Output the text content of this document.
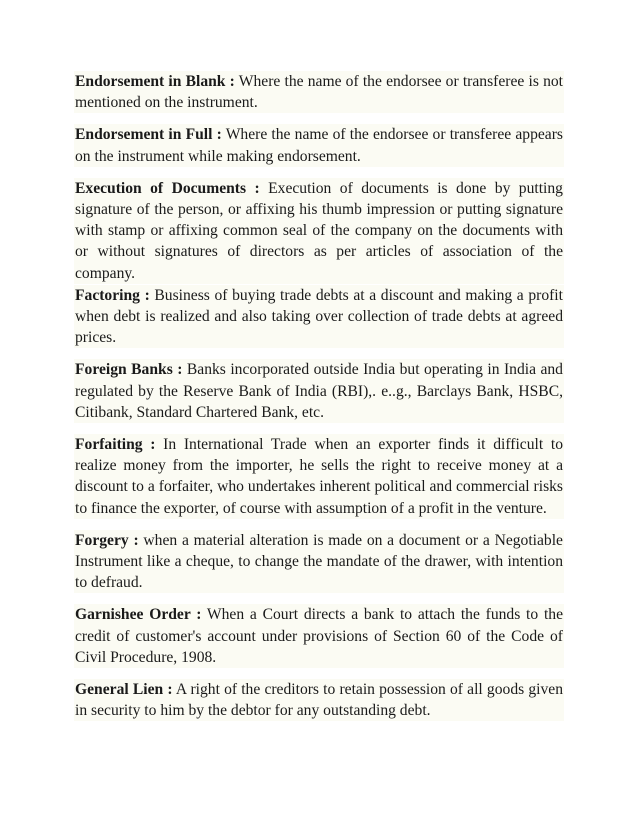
Endorsement in Blank : Where the name of the endorsee or transferee is not mentioned on the instrument.

Endorsement in Full : Where the name of the endorsee or transferee appears on the instrument while making endorsement.

Execution of Documents : Execution of documents is done by putting signature of the person, or affixing his thumb impression or putting signature with stamp or affixing common seal of the company on the documents with or without signatures of directors as per articles of association of the company.

Factoring : Business of buying trade debts at a discount and making a profit when debt is realized and also taking over collection of trade debts at agreed prices.

Foreign Banks : Banks incorporated outside India but operating in India and regulated by the Reserve Bank of India (RBI),. e..g., Barclays Bank, HSBC, Citibank, Standard Chartered Bank, etc.

Forfaiting : In International Trade when an exporter finds it difficult to realize money from the importer, he sells the right to receive money at a discount to a forfaiter, who undertakes inherent political and commercial risks to finance the exporter, of course with assumption of a profit in the venture.

Forgery : when a material alteration is made on a document or a Negotiable Instrument like a cheque, to change the mandate of the drawer, with intention to defraud.

Garnishee Order : When a Court directs a bank to attach the funds to the credit of customer's account under provisions of Section 60 of the Code of Civil Procedure, 1908.

General Lien : A right of the creditors to retain possession of all goods given in security to him by the debtor for any outstanding debt.
